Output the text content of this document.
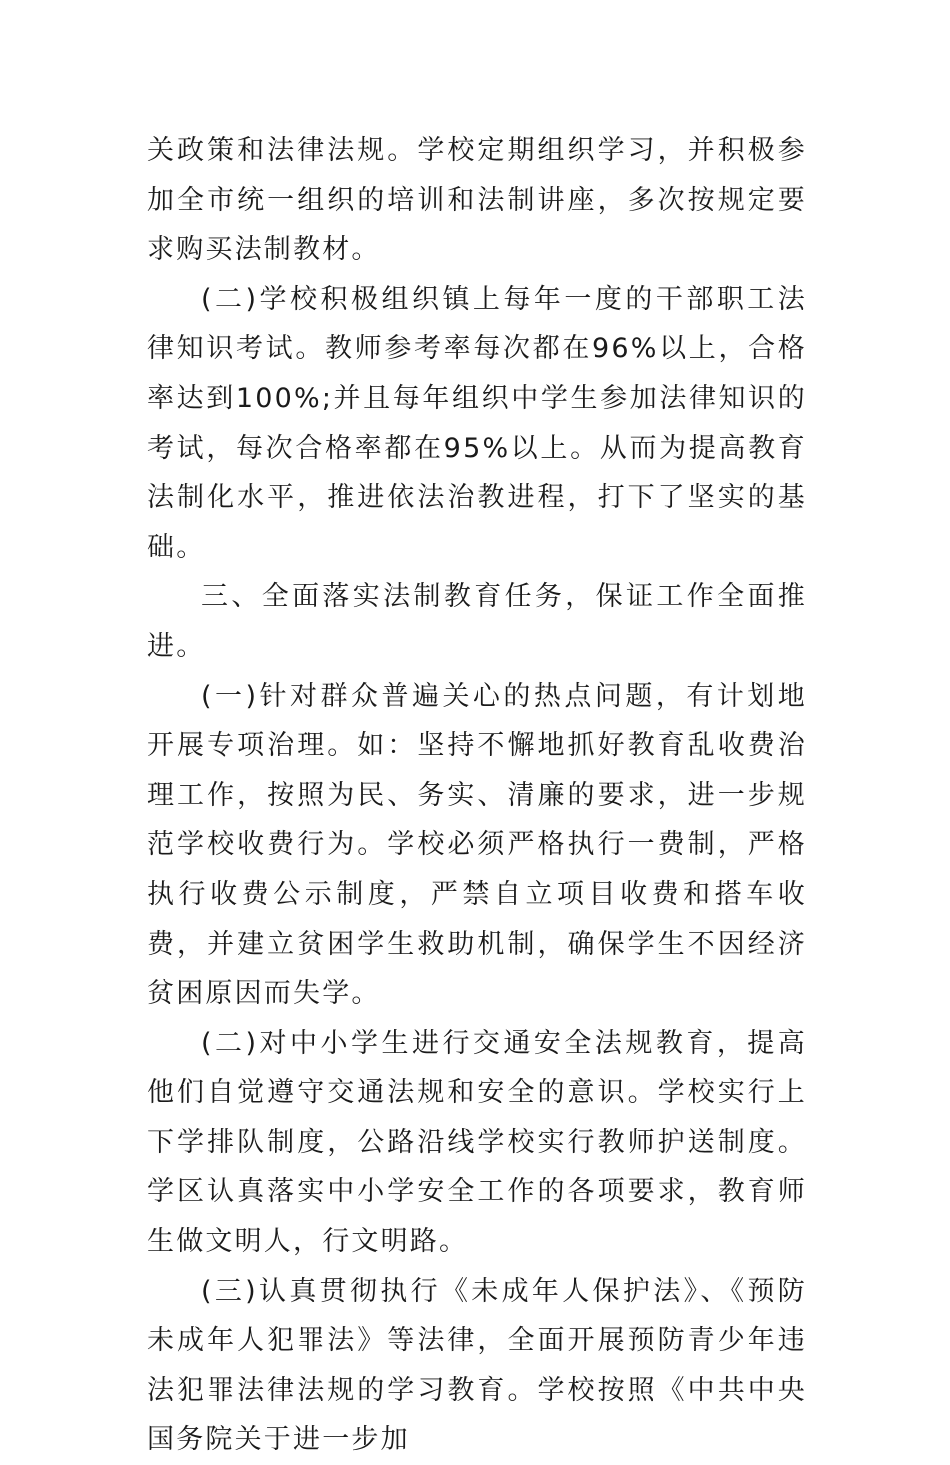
关政策和法律法规。学校定期组织学习，并积极参加全市统一组织的培训和法制讲座，多次按规定要求购买法制教材。

(二)学校积极组织镇上每年一度的干部职工法律知识考试。教师参考率每次都在96%以上，合格率达到100%;并且每年组织中学生参加法律知识的考试，每次合格率都在95%以上。从而为提高教育法制化水平，推进依法治教进程，打下了坚实的基础。

三、全面落实法制教育任务，保证工作全面推进。

(一)针对群众普遍关心的热点问题，有计划地开展专项治理。如：坚持不懈地抓好教育乱收费治理工作，按照为民、务实、清廉的要求，进一步规范学校收费行为。学校必须严格执行一费制，严格执行收费公示制度，严禁自立项目收费和搭车收费，并建立贫困学生救助机制，确保学生不因经济贫困原因而失学。

(二)对中小学生进行交通安全法规教育，提高他们自觉遵守交通法规和安全的意识。学校实行上下学排队制度，公路沿线学校实行教师护送制度。学区认真落实中小学安全工作的各项要求，教育师生做文明人，行文明路。

(三)认真贯彻执行《未成年人保护法》、《预防未成年人犯罪法》等法律，全面开展预防青少年违法犯罪法律法规的学习教育。学校按照《中共中央国务院关于进一步加
